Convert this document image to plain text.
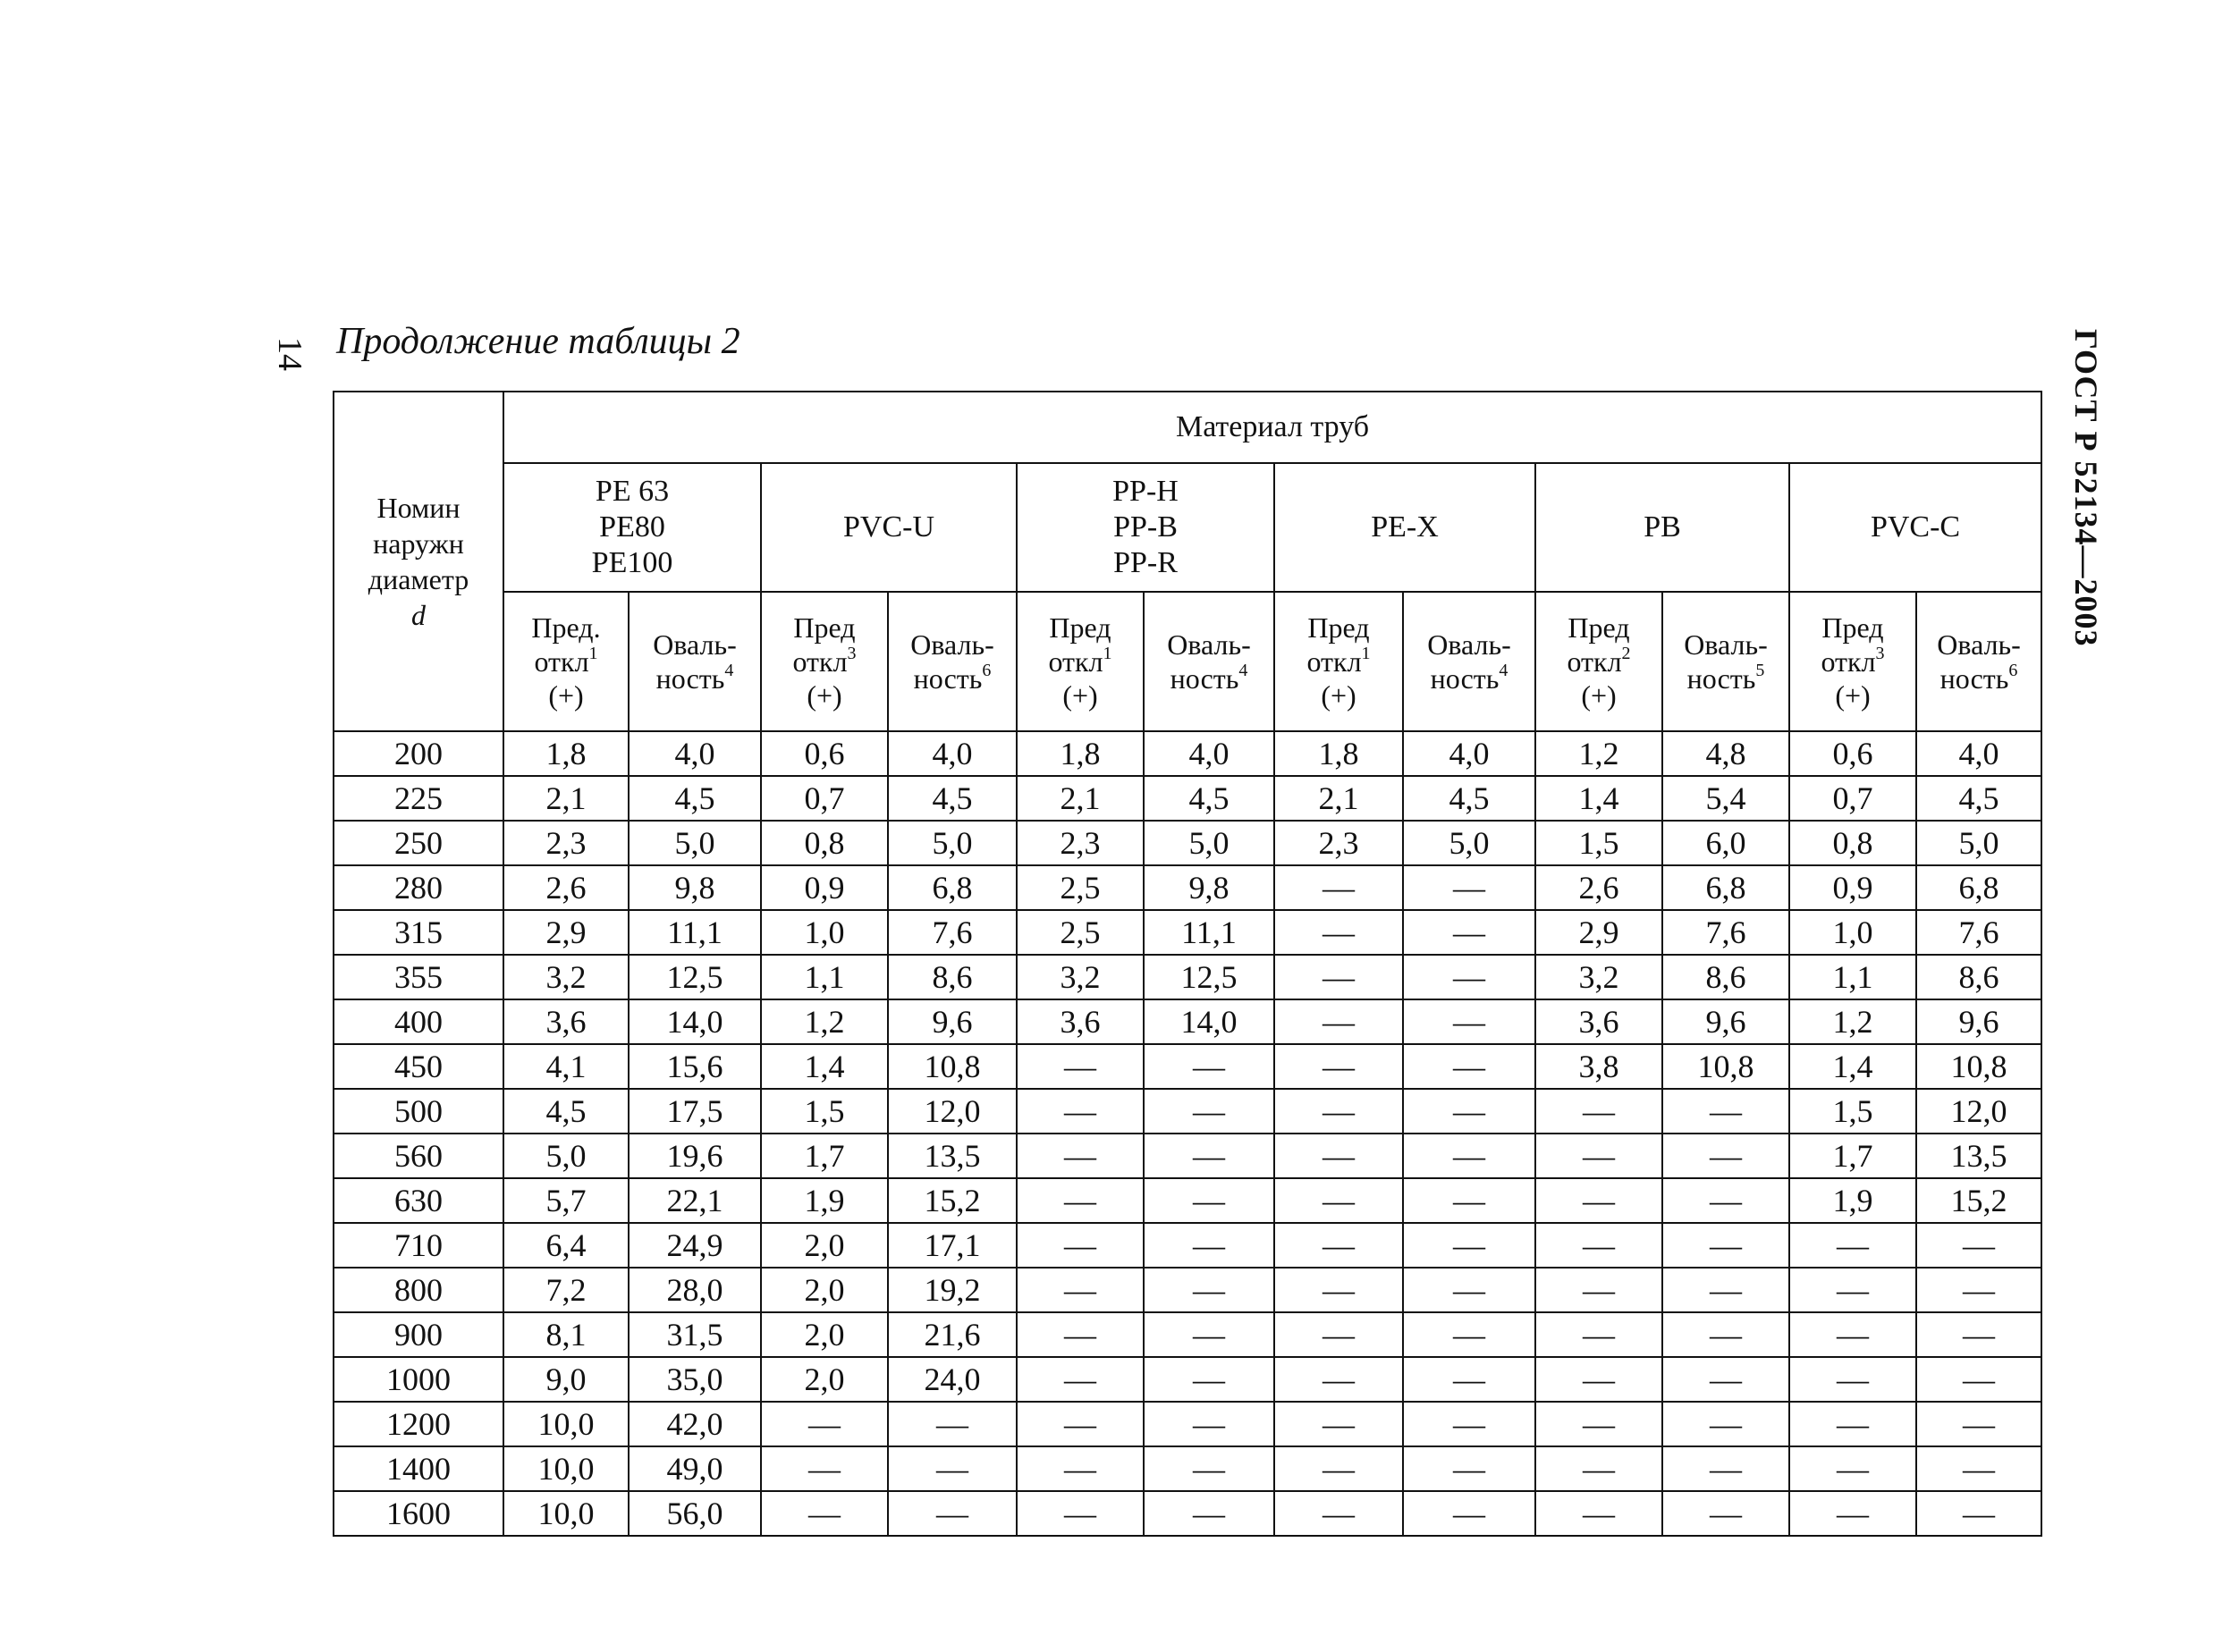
14 Продолжение таблицы 2	ГОСТ Р 52134—2003
Номин
наружн
диаметр
d	Материал труб											

	PE 63
PE80
PE100		PVC-U		PP-H
PP-B
PP-R		PE-X		PB		PVC-C	

	Пред.
откл$^1$
(+)	Оваль-
ность$^4$	Пред
откл$^3$
(+)	Оваль-
ность$^6$	Пред
откл$^1$
(+)	Оваль-
ность$^4$	Пред
откл$^1$
(+)	Оваль-
ность$^4$	Пред
откл$^2$
(+)	Оваль-
ность$^5$	Пред
откл$^3$
(+)	Оваль-
ность$^6$
200	1,8	4,0	0,6	4,0	1,8	4,0	1,8	4,0	1,2	4,8	0,6	4,0
225	2,1	4,5	0,7	4,5	2,1	4,5	2,1	4,5	1,4	5,4	0,7	4,5
250	2,3	5,0	0,8	5,0	2,3	5,0	2,3	5,0	1,5	6,0	0,8	5,0
280	2,6	9,8	0,9	6,8	2,5	9,8	—	—	2,6	6,8	0,9	6,8
315	2,9	11,1	1,0	7,6	2,5	11,1	—	—	2,9	7,6	1,0	7,6
355	3,2	12,5	1,1	8,6	3,2	12,5	—	—	3,2	8,6	1,1	8,6
400	3,6	14,0	1,2	9,6	3,6	14,0	—	—	3,6	9,6	1,2	9,6
450	4,1	15,6	1,4	10,8	—	—	—	—	3,8	10,8	1,4	10,8
500	4,5	17,5	1,5	12,0	—	—	—	—	—	—	1,5	12,0
560	5,0	19,6	1,7	13,5	—	—	—	—	—	—	1,7	13,5
630	5,7	22,1	1,9	15,2	—	—	—	—	—	—	1,9	15,2
710	6,4	24,9	2,0	17,1	—	—	—	—	—	—	—	—
800	7,2	28,0	2,0	19,2	—	—	—	—	—	—	—	—
900	8,1	31,5	2,0	21,6	—	—	—	—	—	—	—	—
1000	9,0	35,0	2,0	24,0	—	—	—	—	—	—	—	—
1200	10,0	42,0	—	—	—	—	—	—	—	—	—	—
1400	10,0	49,0	—	—	—	—	—	—	—	—	—	—
1600	10,0	56,0	—	—	—	—	—	—	—	—	—	—
